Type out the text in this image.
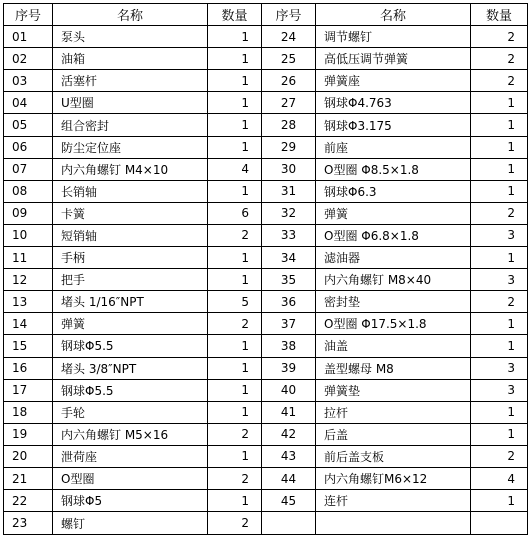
序号	名称	数量	序号	名称	数量
01	泵头	1	24	调节螺钉	2
02	油箱	1	25	高低压调节弹簧	2
03	活塞杆	1	26	弹簧座	2
04	U型圈	1	27	钢球Φ4.763	1
05	组合密封	1	28	钢球Φ3.175	1
06	防尘定位座	1	29	前座	1
07	内六角螺钉 M4×10	4	30	O型圈 Φ8.5×1.8	1
08	长销轴	1	31	钢球Φ6.3	1
09	卡簧	6	32	弹簧	2
10	短销轴	2	33	O型圈 Φ6.8×1.8	3
11	手柄	1	34	滤油器	1
12	把手	1	35	内六角螺钉 M8×40	3
13	堵头 1/16″NPT	5	36	密封垫	2
14	弹簧	2	37	O型圈 Φ17.5×1.8	1
15	钢球Φ5.5	1	38	油盖	1
16	堵头 3/8″NPT	1	39	盖型螺母 M8	3
17	钢球Φ5.5	1	40	弹簧垫	3
18	手轮	1	41	拉杆	1
19	内六角螺钉 M5×16	2	42	后盖	1
20	泄荷座	1	43	前后盖支板	2
21	O型圈	2	44	内六角螺钉M6×12	4
22	钢球Φ5	1	45	连杆	1
23	螺钉	2			
